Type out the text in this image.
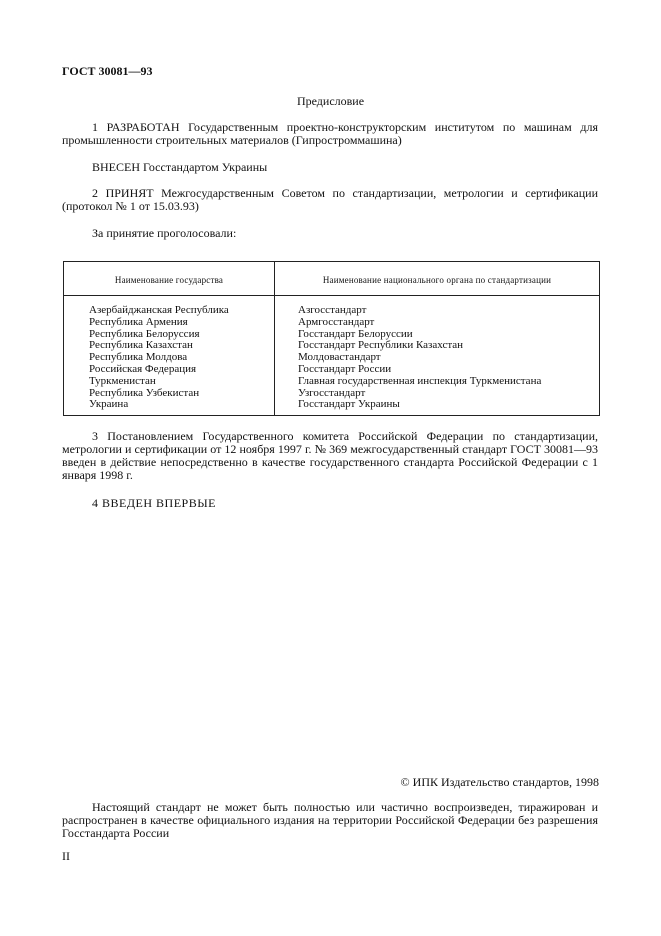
ГОСТ 30081—93
Предисловие
1 РАЗРАБОТАН Государственным проектно-конструкторским институтом по машинам для промышленности строительных материалов (Гипростроммашина)
ВНЕСЕН Госстандартом Украины
2 ПРИНЯТ Межгосударственным Советом по стандартизации, метрологии и сертификации (протокол № 1 от 15.03.93)
За принятие проголосовали:
Наименование государства	Наименование национального органа по стандартизации
Азербайджанская Республика
Республика Армения
Республика Белоруссия
Республика Казахстан
Республика Молдова
Российская Федерация
Туркменистан
Республика Узбекистан
Украина
Азгосстандарт
Армгосстандарт
Госстандарт Белоруссии
Госстандарт Республики Казахстан
Молдовастандарт
Госстандарт России
Главная государственная инспекция Туркменистана
Узгосстандарт
Госстандарт Украины
3 Постановлением Государственного комитета Российской Федерации по стандартизации, метрологии и сертификации от 12 ноября 1997 г. № 369 межгосударственный стандарт ГОСТ 30081—93 введен в действие непосредственно в качестве государственного стандарта Российской Федерации с 1 января 1998 г.
4 ВВЕДЕН ВПЕРВЫЕ
© ИПК Издательство стандартов, 1998
Настоящий стандарт не может быть полностью или частично воспроизведен, тиражирован и распространен в качестве официального издания на территории Российской Федерации без разрешения Госстандарта России
II
